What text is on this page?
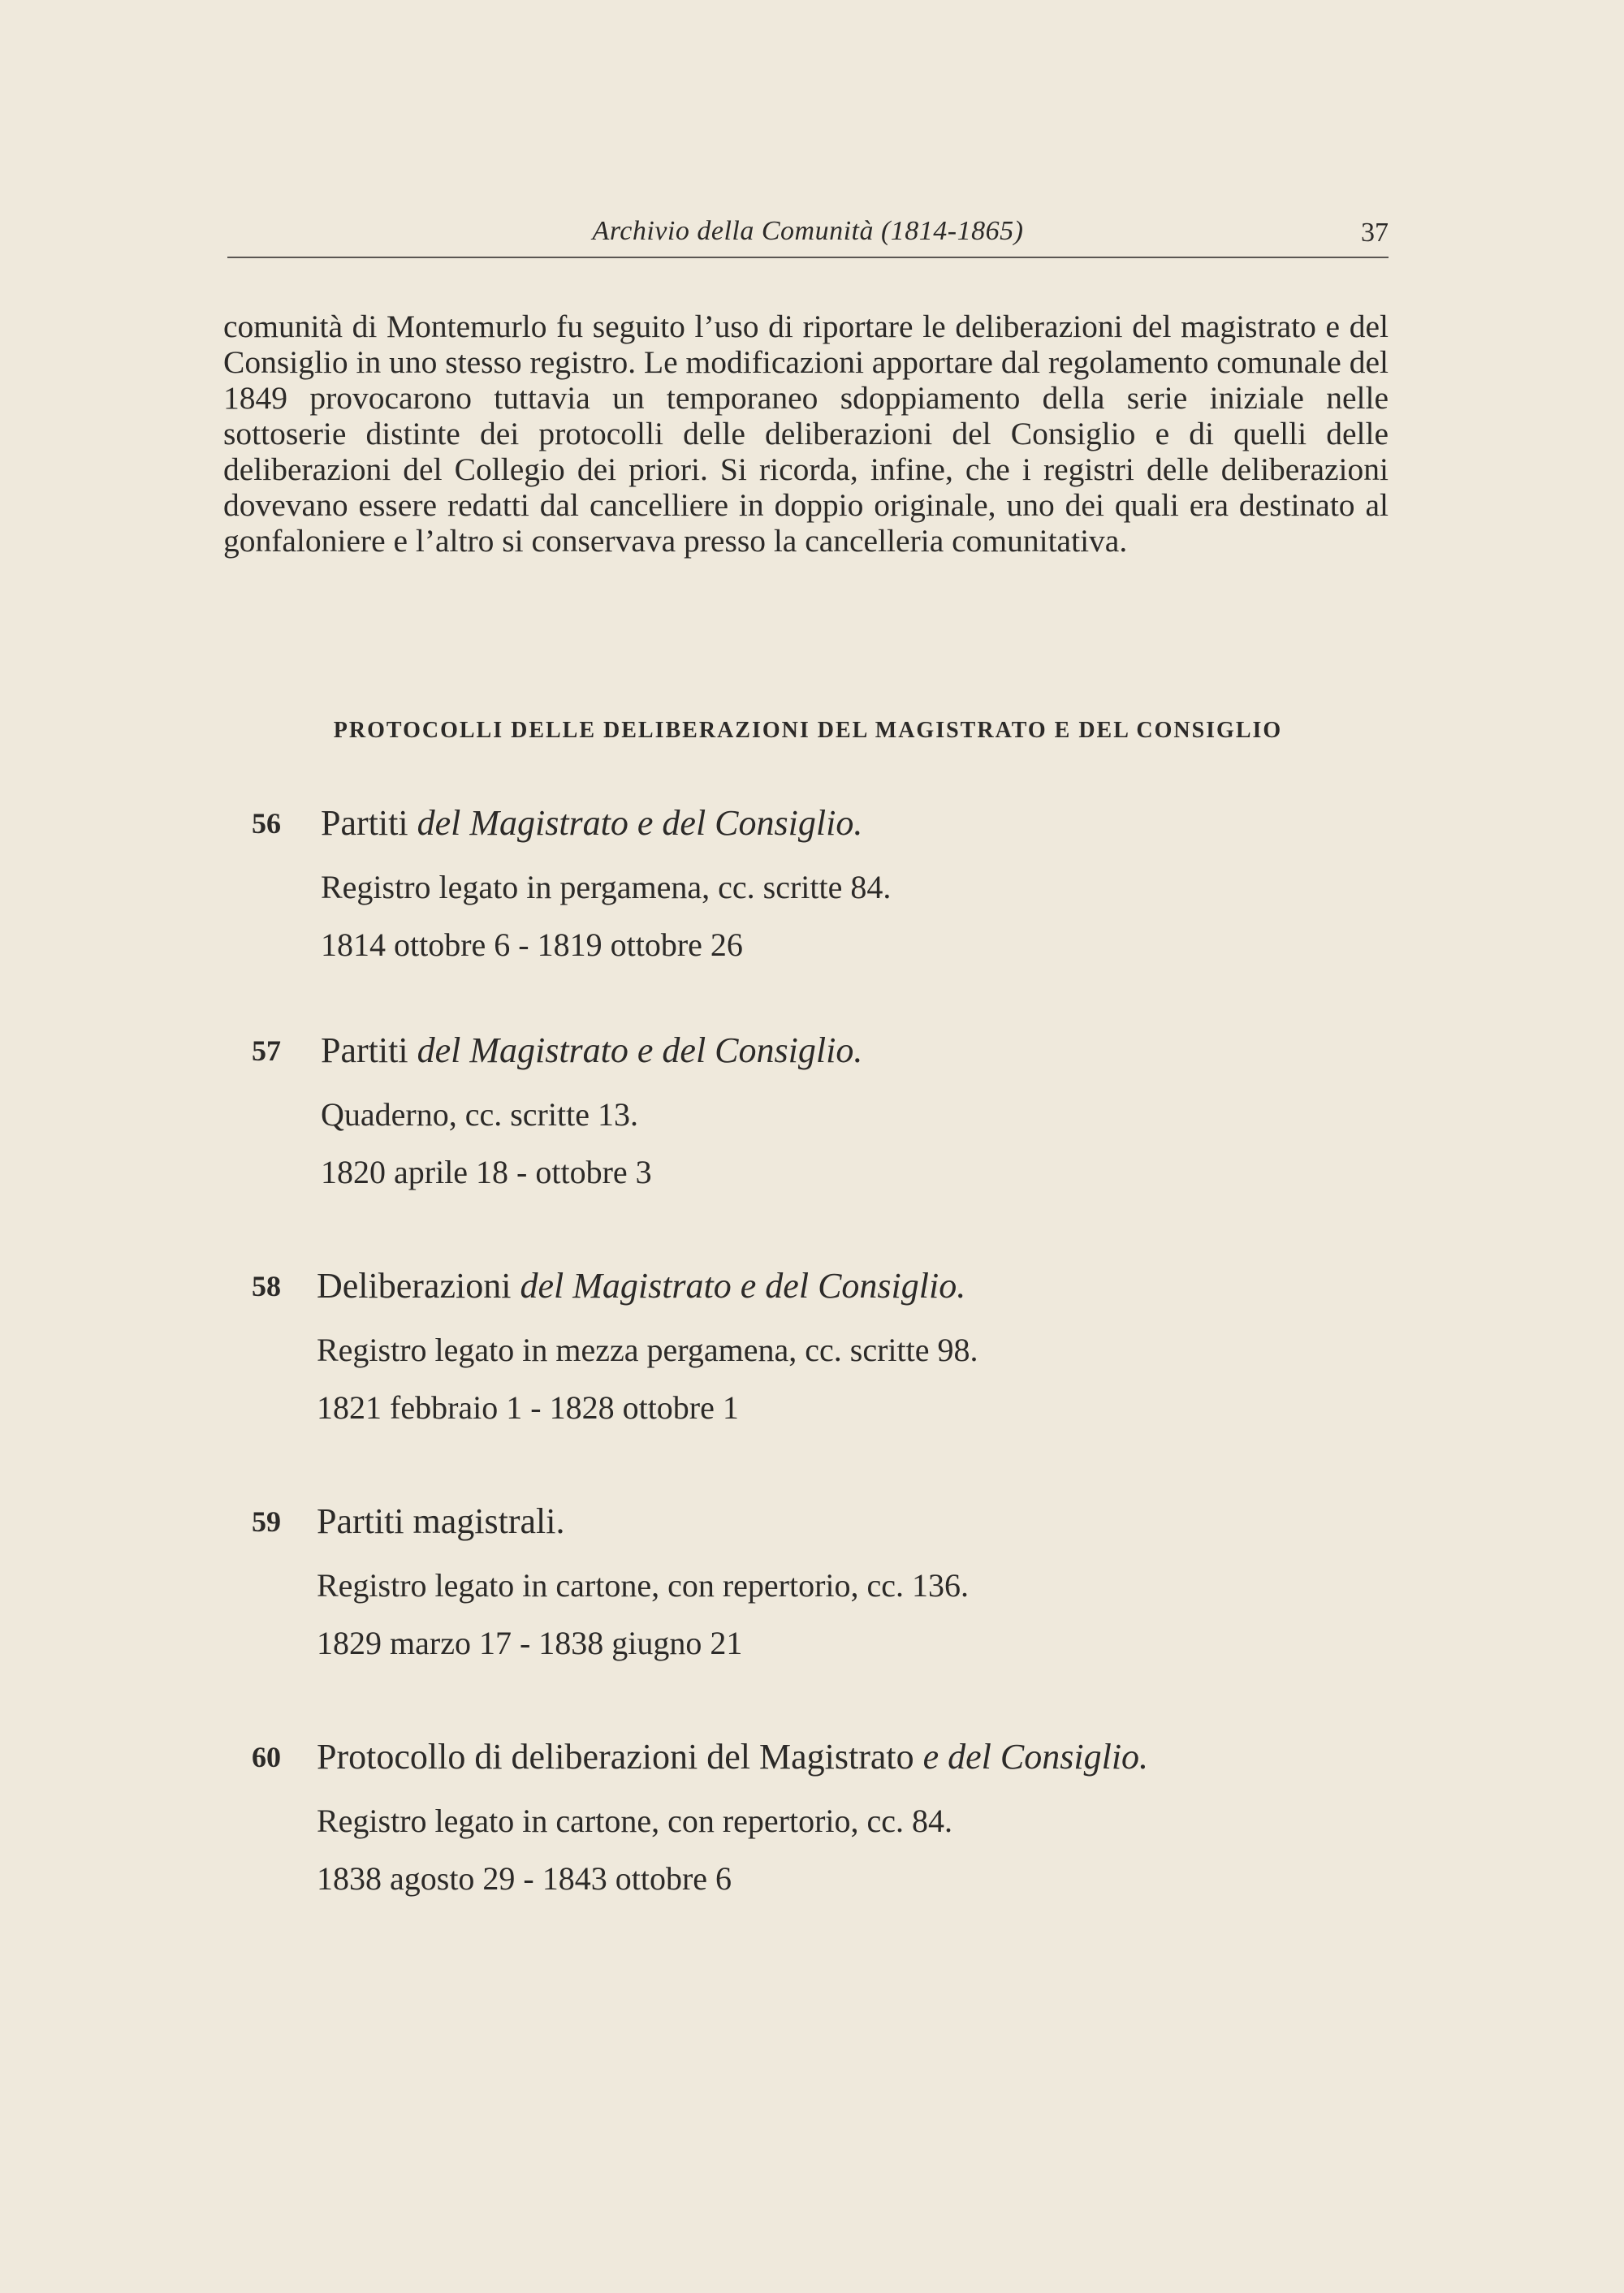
Archivio della Comunità (1814-1865)	37
comunità di Montemurlo fu seguito l’uso di riportare le deliberazioni del magistrato e del Consiglio in uno stesso registro. Le modificazioni apportare dal regolamento comunale del 1849 provocarono tuttavia un temporaneo sdoppiamento della serie iniziale nelle sottoserie distinte dei protocolli delle deliberazioni del Consiglio e di quelli delle deliberazioni del Collegio dei priori. Si ricorda, infine, che i registri delle deliberazioni dovevano essere redatti dal cancelliere in doppio originale, uno dei quali era destinato al gonfaloniere e l’altro si conservava presso la cancelleria comunitativa.
PROTOCOLLI DELLE DELIBERAZIONI DEL MAGISTRATO E DEL CONSIGLIO
56	Partiti del Magistrato e del Consiglio.
Registro legato in pergamena, cc. scritte 84.
1814 ottobre 6 - 1819 ottobre 26
57	Partiti del Magistrato e del Consiglio.
Quaderno, cc. scritte 13.
1820 aprile 18 - ottobre 3
58	Deliberazioni del Magistrato e del Consiglio.
Registro legato in mezza pergamena, cc. scritte 98.
1821 febbraio 1 - 1828 ottobre 1
59	Partiti magistrali.
Registro legato in cartone, con repertorio, cc. 136.
1829 marzo 17 - 1838 giugno 21
60	Protocollo di deliberazioni del Magistrato e del Consiglio.
Registro legato in cartone, con repertorio, cc. 84.
1838 agosto 29 - 1843 ottobre 6
